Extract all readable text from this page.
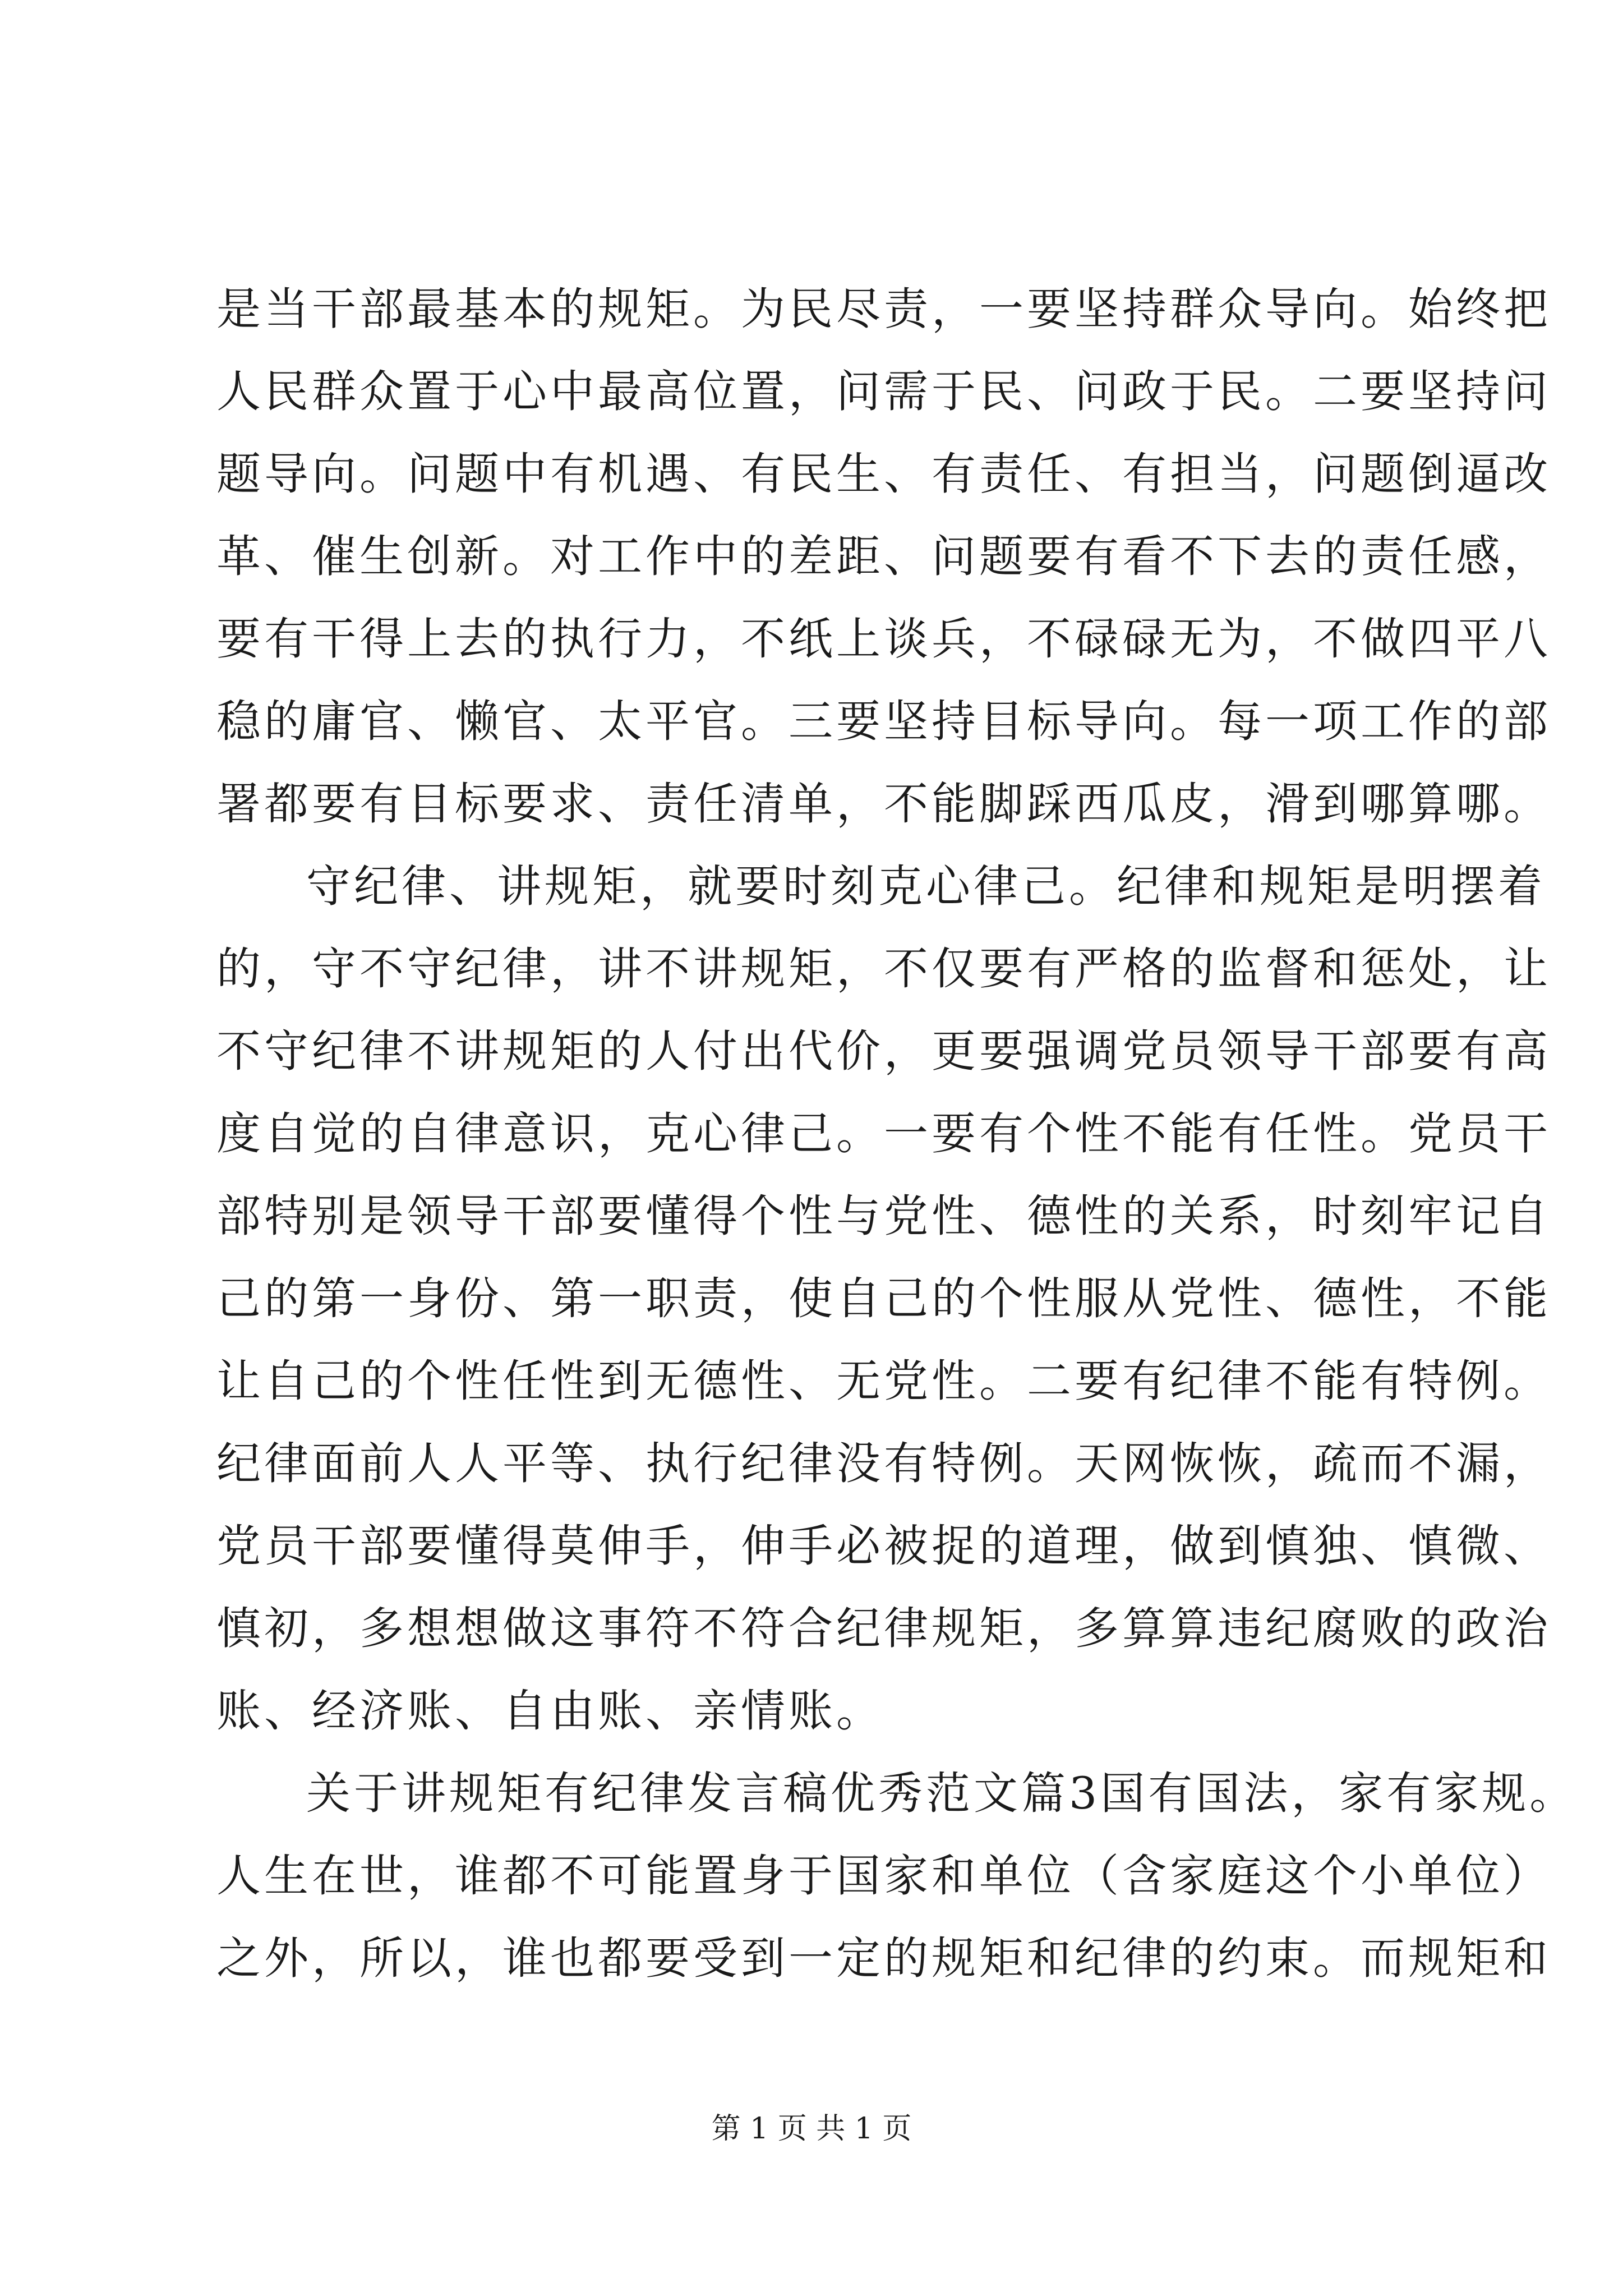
是当干部最基本的规矩。为民尽责，一要坚持群众导向。始终把
人民群众置于心中最高位置，问需于民、问政于民。二要坚持问
题导向。问题中有机遇、有民生、有责任、有担当，问题倒逼改
革、催生创新。对工作中的差距、问题要有看不下去的责任感，
要有干得上去的执行力，不纸上谈兵，不碌碌无为，不做四平八
稳的庸官、懒官、太平官。三要坚持目标导向。每一项工作的部
署都要有目标要求、责任清单，不能脚踩西瓜皮，滑到哪算哪。
守纪律、讲规矩，就要时刻克心律己。纪律和规矩是明摆着
的，守不守纪律，讲不讲规矩，不仅要有严格的监督和惩处，让
不守纪律不讲规矩的人付出代价，更要强调党员领导干部要有高
度自觉的自律意识，克心律己。一要有个性不能有任性。党员干
部特别是领导干部要懂得个性与党性、德性的关系，时刻牢记自
己的第一身份、第一职责，使自己的个性服从党性、德性，不能
让自己的个性任性到无德性、无党性。二要有纪律不能有特例。
纪律面前人人平等、执行纪律没有特例。天网恢恢，疏而不漏，
党员干部要懂得莫伸手，伸手必被捉的道理，做到慎独、慎微、
慎初，多想想做这事符不符合纪律规矩，多算算违纪腐败的政治
账、经济账、自由账、亲情账。
关于讲规矩有纪律发言稿优秀范文篇3国有国法，家有家规。
人生在世，谁都不可能置身于国家和单位（含家庭这个小单位）
之外，所以，谁也都要受到一定的规矩和纪律的约束。而规矩和
第 1 页 共 1 页
